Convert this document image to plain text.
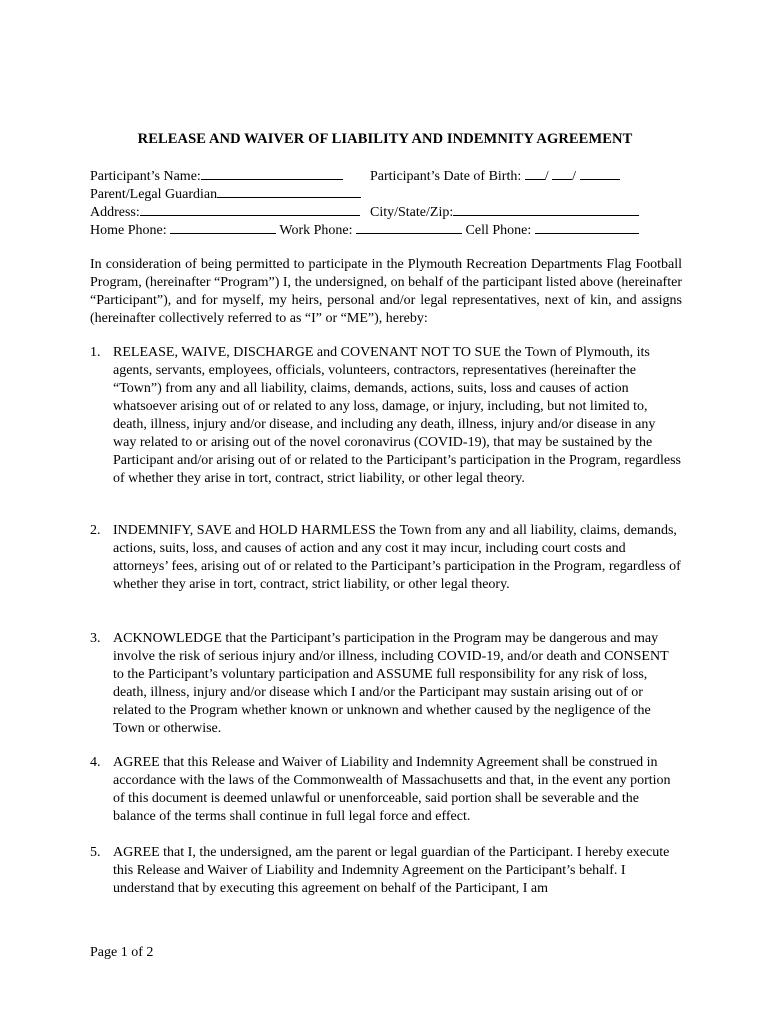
RELEASE AND WAIVER OF LIABILITY AND INDEMNITY AGREEMENT
Participant’s Name:	Participant’s Date of Birth: / /
Parent/Legal Guardian
Address:	City/State/Zip:
Home Phone:	Work Phone:	Cell Phone:
In consideration of being permitted to participate in the Plymouth Recreation Departments Flag Football Program, (hereinafter “Program”) I, the undersigned, on behalf of the participant listed above (hereinafter “Participant”), and for myself, my heirs, personal and/or legal representatives, next of kin, and assigns (hereinafter collectively referred to as “I” or “ME”), hereby:
1. RELEASE, WAIVE, DISCHARGE and COVENANT NOT TO SUE the Town of Plymouth, its agents, servants, employees, officials, volunteers, contractors, representatives (hereinafter the “Town”) from any and all liability, claims, demands, actions, suits, loss and causes of action whatsoever arising out of or related to any loss, damage, or injury, including, but not limited to, death, illness, injury and/or disease, and including any death, illness, injury and/or disease in any way related to or arising out of the novel coronavirus (COVID-19), that may be sustained by the Participant and/or arising out of or related to the Participant’s participation in the Program, regardless of whether they arise in tort, contract, strict liability, or other legal theory.
2. INDEMNIFY, SAVE and HOLD HARMLESS the Town from any and all liability, claims, demands, actions, suits, loss, and causes of action and any cost it may incur, including court costs and attorneys’ fees, arising out of or related to the Participant’s participation in the Program, regardless of whether they arise in tort, contract, strict liability, or other legal theory.
3. ACKNOWLEDGE that the Participant’s participation in the Program may be dangerous and may involve the risk of serious injury and/or illness, including COVID-19, and/or death and CONSENT to the Participant’s voluntary participation and ASSUME full responsibility for any risk of loss, death, illness, injury and/or disease which I and/or the Participant may sustain arising out of or related to the Program whether known or unknown and whether caused by the negligence of the Town or otherwise.
4. AGREE that this Release and Waiver of Liability and Indemnity Agreement shall be construed in accordance with the laws of the Commonwealth of Massachusetts and that, in the event any portion of this document is deemed unlawful or unenforceable, said portion shall be severable and the balance of the terms shall continue in full legal force and effect.
5. AGREE that I, the undersigned, am the parent or legal guardian of the Participant. I hereby execute this Release and Waiver of Liability and Indemnity Agreement on the Participant’s behalf. I understand that by executing this agreement on behalf of the Participant, I am
Page 1 of 2
